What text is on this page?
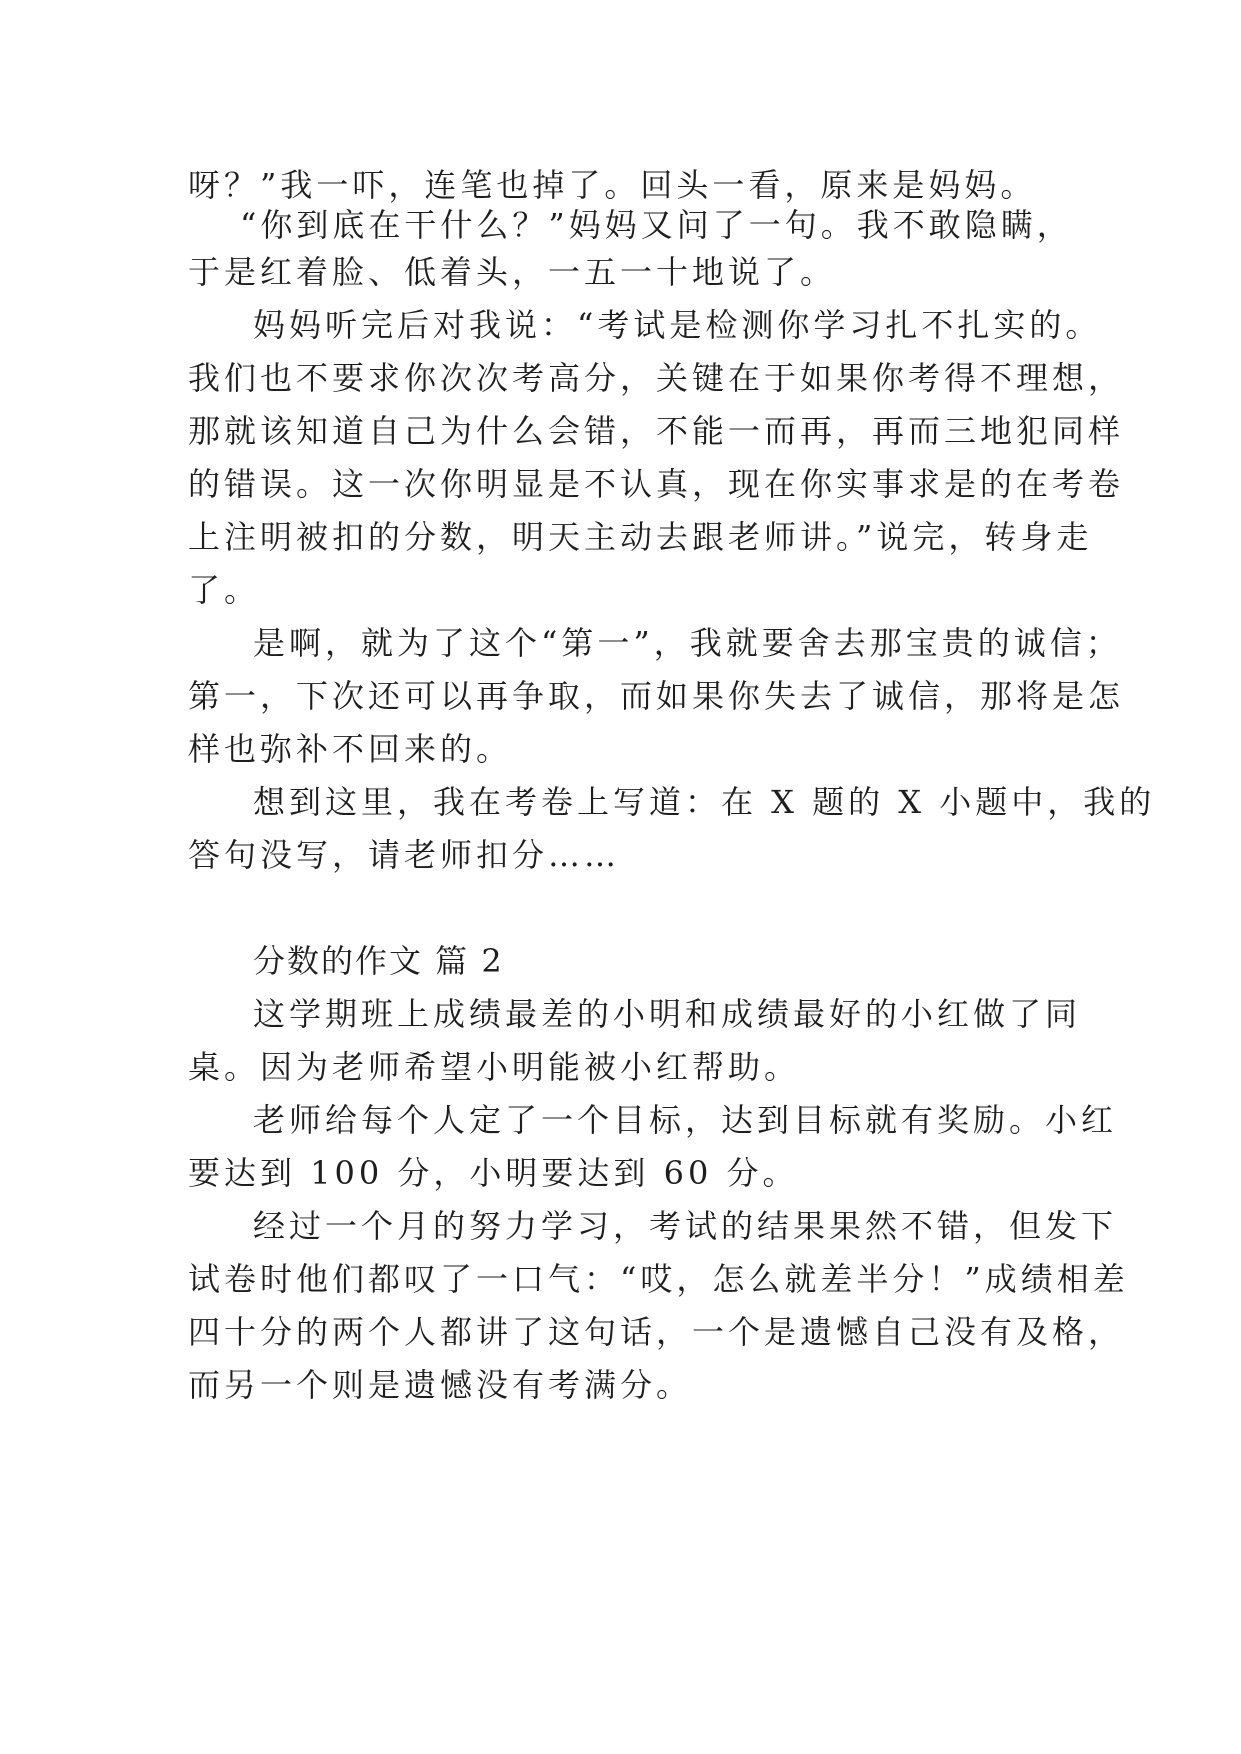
呀？”我一吓，连笔也掉了。回头一看，原来是妈妈。
“你到底在干什么？”妈妈又问了一句。我不敢隐瞒，
于是红着脸、低着头，一五一十地说了。
妈妈听完后对我说：“考试是检测你学习扎不扎实的。
我们也不要求你次次考高分，关键在于如果你考得不理想，
那就该知道自己为什么会错，不能一而再，再而三地犯同样
的错误。这一次你明显是不认真，现在你实事求是的在考卷
上注明被扣的分数，明天主动去跟老师讲。”说完，转身走
了。
是啊，就为了这个“第一”，我就要舍去那宝贵的诚信；
第一，下次还可以再争取，而如果你失去了诚信，那将是怎
样也弥补不回来的。
想到这里，我在考卷上写道：在 X 题的 X 小题中，我的
答句没写，请老师扣分……
分数的作文 篇 2
这学期班上成绩最差的小明和成绩最好的小红做了同
桌。因为老师希望小明能被小红帮助。
老师给每个人定了一个目标，达到目标就有奖励。小红
要达到 100 分，小明要达到 60 分。
经过一个月的努力学习，考试的结果果然不错，但发下
试卷时他们都叹了一口气：“哎，怎么就差半分！”成绩相差
四十分的两个人都讲了这句话，一个是遗憾自己没有及格，
而另一个则是遗憾没有考满分。
